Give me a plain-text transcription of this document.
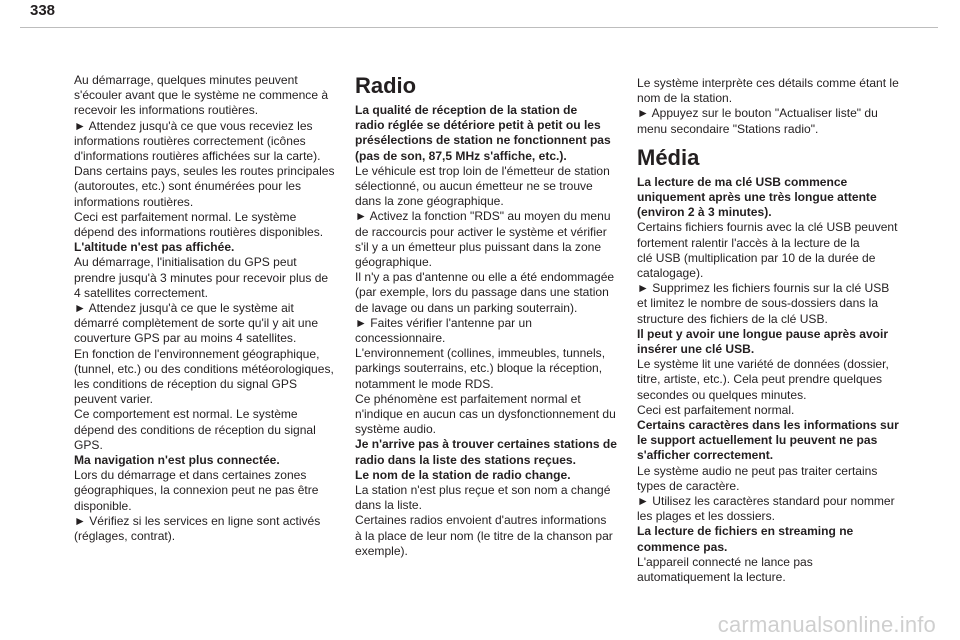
338
Au démarrage, quelques minutes peuvent
s'écouler avant que le système ne commence à
recevoir les informations routières.
► Attendez jusqu'à ce que vous receviez les
informations routières correctement (icônes
d'informations routières affichées sur la carte).
Dans certains pays, seules les routes principales
(autoroutes, etc.) sont énumérées pour les
informations routières.
Ceci est parfaitement normal. Le système
dépend des informations routières disponibles.
L'altitude n'est pas affichée.
Au démarrage, l'initialisation du GPS peut
prendre jusqu'à 3 minutes pour recevoir plus de
4 satellites correctement.
► Attendez jusqu'à ce que le système ait
démarré complètement de sorte qu'il y ait une
couverture GPS par au moins 4 satellites.
En fonction de l'environnement géographique,
(tunnel, etc.) ou des conditions météorologiques,
les conditions de réception du signal GPS
peuvent varier.
Ce comportement est normal. Le système
dépend des conditions de réception du signal
GPS.
Ma navigation n'est plus connectée.
Lors du démarrage et dans certaines zones
géographiques, la connexion peut ne pas être
disponible.
► Vérifiez si les services en ligne sont activés
(réglages, contrat).
Radio
La qualité de réception de la station de
radio réglée se détériore petit à petit ou les
présélections de station ne fonctionnent pas
(pas de son, 87,5 MHz s'affiche, etc.).
Le véhicule est trop loin de l'émetteur de station
sélectionné, ou aucun émetteur ne se trouve
dans la zone géographique.
► Activez la fonction "RDS" au moyen du menu
de raccourcis pour activer le système et vérifier
s'il y a un émetteur plus puissant dans la zone
géographique.
Il n'y a pas d'antenne ou elle a été endommagée
(par exemple, lors du passage dans une station
de lavage ou dans un parking souterrain).
► Faites vérifier l'antenne par un
concessionnaire.
L'environnement (collines, immeubles, tunnels,
parkings souterrains, etc.) bloque la réception,
notamment le mode RDS.
Ce phénomène est parfaitement normal et
n'indique en aucun cas un dysfonctionnement du
système audio.
Je n'arrive pas à trouver certaines stations de
radio dans la liste des stations reçues.
Le nom de la station de radio change.
La station n'est plus reçue et son nom a changé
dans la liste.
Certaines radios envoient d'autres informations
à la place de leur nom (le titre de la chanson par
exemple).
Le système interprète ces détails comme étant le
nom de la station.
► Appuyez sur le bouton "Actualiser liste" du
menu secondaire "Stations radio".
Média
La lecture de ma clé USB commence
uniquement après une très longue attente
(environ 2 à 3 minutes).
Certains fichiers fournis avec la clé USB peuvent
fortement ralentir l'accès à la lecture de la
clé USB (multiplication par 10 de la durée de
catalogage).
► Supprimez les fichiers fournis sur la clé USB
et limitez le nombre de sous-dossiers dans la
structure des fichiers de la clé USB.
Il peut y avoir une longue pause après avoir
insérer une clé USB.
Le système lit une variété de données (dossier,
titre, artiste, etc.). Cela peut prendre quelques
secondes ou quelques minutes.
Ceci est parfaitement normal.
Certains caractères dans les informations sur
le support actuellement lu peuvent ne pas
s'afficher correctement.
Le système audio ne peut pas traiter certains
types de caractère.
► Utilisez les caractères standard pour nommer
les plages et les dossiers.
La lecture de fichiers en streaming ne
commence pas.
L'appareil connecté ne lance pas
automatiquement la lecture.
carmanualsonline.info
